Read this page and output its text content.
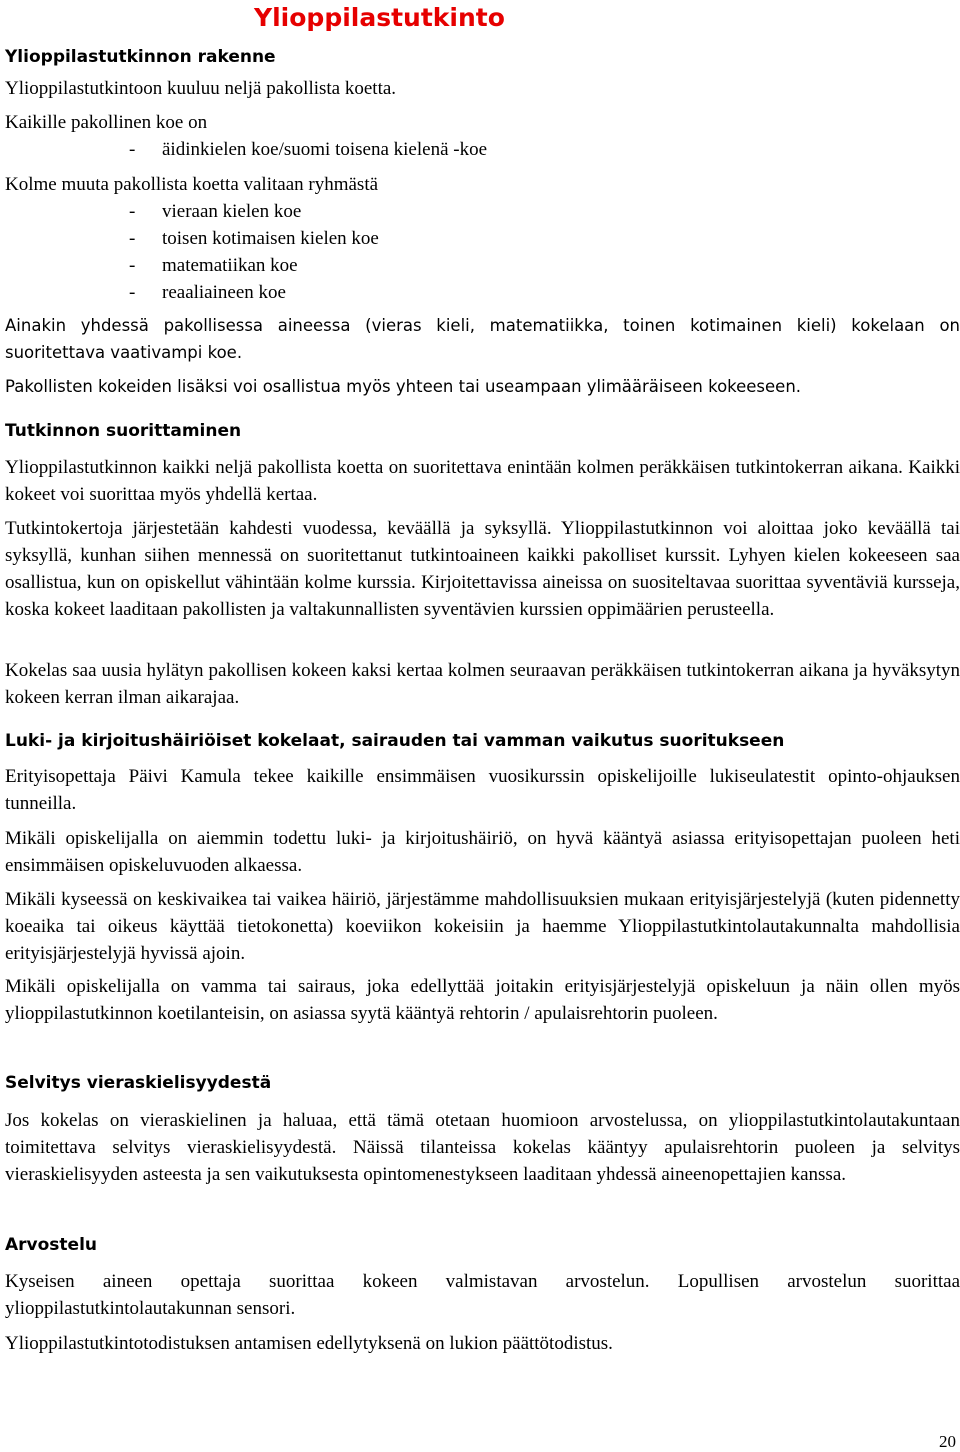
Ylioppilastutkinto
Ylioppilastutkinnon rakenne
Ylioppilastutkintoon kuuluu neljä pakollista koetta.
Kaikille pakollinen koe on
- äidinkielen koe/suomi toisena kielenä -koe
Kolme muuta pakollista koetta valitaan ryhmästä
- vieraan kielen koe
- toisen kotimaisen kielen koe
- matematiikan koe
- reaaliaineen koe
Ainakin yhdessä pakollisessa aineessa (vieras kieli, matematiikka, toinen kotimainen kieli) kokelaan on suoritettava vaativampi koe.
Pakollisten kokeiden lisäksi voi osallistua myös yhteen tai useampaan ylimääräiseen kokeeseen.
Tutkinnon suorittaminen
Ylioppilastutkinnon kaikki neljä pakollista koetta on suoritettava enintään kolmen peräkkäisen tutkintokerran aikana. Kaikki kokeet voi suorittaa myös yhdellä kertaa.
Tutkintokertoja järjestetään kahdesti vuodessa, keväällä ja syksyllä. Ylioppilastutkinnon voi aloittaa joko keväällä tai syksyllä, kunhan siihen mennessä on suoritettanut tutkintoaineen kaikki pakolliset kurssit. Lyhyen kielen kokeeseen saa osallistua, kun on opiskellut vähintään kolme kurssia. Kirjoitettavissa aineissa on suositeltavaa suorittaa syventäviä kursseja, koska kokeet laaditaan pakollisten ja valtakunnallisten syventävien kurssien oppimäärien perusteella.
Kokelas saa uusia hylätyn pakollisen kokeen kaksi kertaa kolmen seuraavan peräkkäisen tutkintokerran aikana ja hyväksytyn kokeen kerran ilman aikarajaa.
Luki- ja kirjoitushäiriöiset kokelaat, sairauden tai vamman vaikutus suoritukseen
Erityisopettaja Päivi Kamula tekee kaikille ensimmäisen vuosikurssin opiskelijoille lukiseulatestit opinto-ohjauksen tunneilla.
Mikäli opiskelijalla on aiemmin todettu luki- ja kirjoitushäiriö, on hyvä kääntyä asiassa erityisopettajan puoleen heti ensimmäisen opiskeluvuoden alkaessa.
Mikäli kyseessä on keskivaikea tai vaikea häiriö, järjestämme mahdollisuuksien mukaan erityisjärjestelyjä (kuten pidennetty koeaika tai oikeus käyttää tietokonetta) koeviikon kokeisiin ja haemme Ylioppilastutkintolautakunnalta mahdollisia erityisjärjestelyjä hyvissä ajoin.
Mikäli opiskelijalla on vamma tai sairaus, joka edellyttää joitakin erityisjärjestelyjä opiskeluun ja näin ollen myös ylioppilastutkinnon koetilanteisin, on asiassa syytä kääntyä rehtorin / apulaisrehtorin puoleen.
Selvitys vieraskielisyydestä
Jos kokelas on vieraskielinen ja haluaa, että tämä otetaan huomioon arvostelussa, on ylioppilastutkintolautakuntaan toimitettava selvitys vieraskielisyydestä. Näissä tilanteissa kokelas kääntyy apulaisrehtorin puoleen ja selvitys vieraskielisyyden asteesta ja sen vaikutuksesta opintomenestykseen laaditaan yhdessä aineenopettajien kanssa.
Arvostelu
Kyseisen aineen opettaja suorittaa kokeen valmistavan arvostelun. Lopullisen arvostelun suorittaa ylioppilastutkintolautakunnan sensori.
Ylioppilastutkintotodistuksen antamisen edellytyksenä on lukion päättötodistus.
20
